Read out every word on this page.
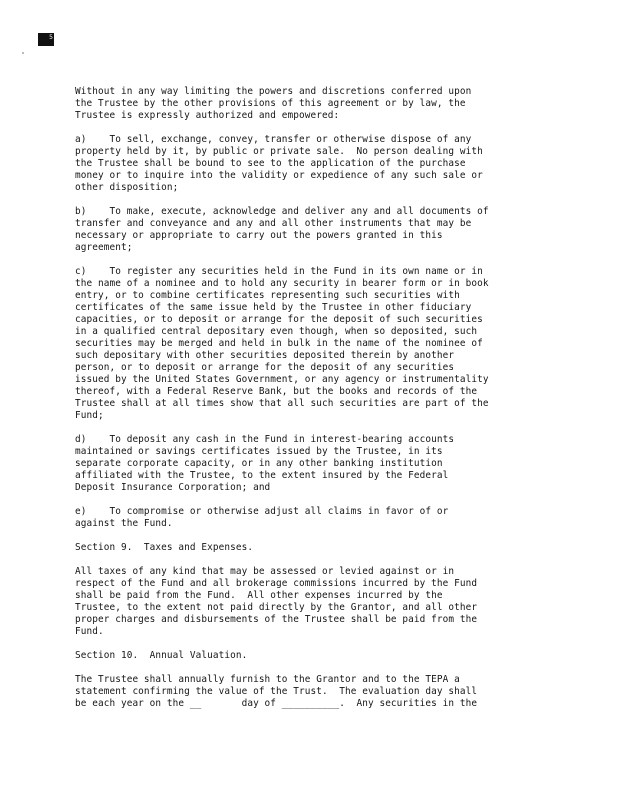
5

Without in any way limiting the powers and discretions conferred upon
the Trustee by the other provisions of this agreement or by law, the
Trustee is expressly authorized and empowered:

a)    To sell, exchange, convey, transfer or otherwise dispose of any
property held by it, by public or private sale.  No person dealing with
the Trustee shall be bound to see to the application of the purchase
money or to inquire into the validity or expedience of any such sale or
other disposition;

b)    To make, execute, acknowledge and deliver any and all documents of
transfer and conveyance and any and all other instruments that may be
necessary or appropriate to carry out the powers granted in this
agreement;

c)    To register any securities held in the Fund in its own name or in
the name of a nominee and to hold any security in bearer form or in book
entry, or to combine certificates representing such securities with
certificates of the same issue held by the Trustee in other fiduciary
capacities, or to deposit or arrange for the deposit of such securities
in a qualified central depositary even though, when so deposited, such
securities may be merged and held in bulk in the name of the nominee of
such depositary with other securities deposited therein by another
person, or to deposit or arrange for the deposit of any securities
issued by the United States Government, or any agency or instrumentality
thereof, with a Federal Reserve Bank, but the books and records of the
Trustee shall at all times show that all such securities are part of the
Fund;

d)    To deposit any cash in the Fund in interest-bearing accounts
maintained or savings certificates issued by the Trustee, in its
separate corporate capacity, or in any other banking institution
affiliated with the Trustee, to the extent insured by the Federal
Deposit Insurance Corporation; and

e)    To compromise or otherwise adjust all claims in favor of or
against the Fund.

Section 9.  Taxes and Expenses.

All taxes of any kind that may be assessed or levied against or in
respect of the Fund and all brokerage commissions incurred by the Fund
shall be paid from the Fund.  All other expenses incurred by the
Trustee, to the extent not paid directly by the Grantor, and all other
proper charges and disbursements of the Trustee shall be paid from the
Fund.

Section 10.  Annual Valuation.

The Trustee shall annually furnish to the Grantor and to the TEPA a
statement confirming the value of the Trust.  The evaluation day shall
be each year on the __       day of __________.  Any securities in the
